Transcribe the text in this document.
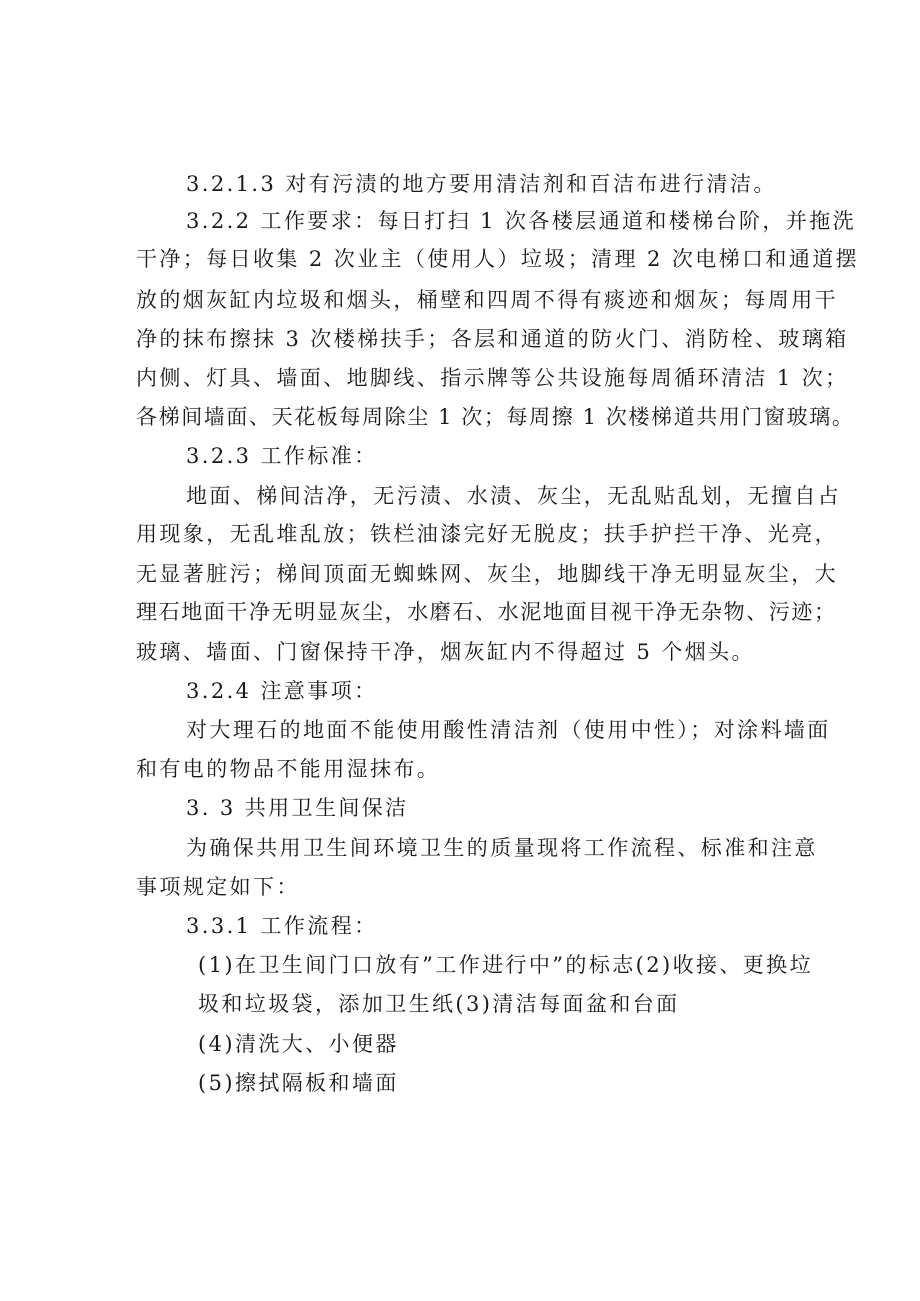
3.2.1.3 对有污渍的地方要用清洁剂和百洁布进行清洁。
3.2.2 工作要求：每日打扫 1 次各楼层通道和楼梯台阶，并拖洗
干净；每日收集 2 次业主（使用人）垃圾；清理 2 次电梯口和通道摆
放的烟灰缸内垃圾和烟头，桶壁和四周不得有痰迹和烟灰；每周用干
净的抹布擦抹 3 次楼梯扶手；各层和通道的防火门、消防栓、玻璃箱
内侧、灯具、墙面、地脚线、指示牌等公共设施每周循环清洁 1 次；
各梯间墙面、天花板每周除尘 1 次；每周擦 1 次楼梯道共用门窗玻璃。
3.2.3 工作标准：
地面、梯间洁净，无污渍、水渍、灰尘，无乱贴乱划，无擅自占
用现象，无乱堆乱放；铁栏油漆完好无脱皮；扶手护拦干净、光亮，
无显著脏污；梯间顶面无蜘蛛网、灰尘，地脚线干净无明显灰尘，大
理石地面干净无明显灰尘，水磨石、水泥地面目视干净无杂物、污迹；
玻璃、墙面、门窗保持干净，烟灰缸内不得超过 5 个烟头。
3.2.4 注意事项：
对大理石的地面不能使用酸性清洁剂（使用中性）；对涂料墙面
和有电的物品不能用湿抹布。
3. 3 共用卫生间保洁
为确保共用卫生间环境卫生的质量现将工作流程、标准和注意
事项规定如下：
3.3.1 工作流程：
(1)在卫生间门口放有”工作进行中”的标志(2)收接、更换垃
圾和垃圾袋，添加卫生纸(3)清洁每面盆和台面
(4)清洗大、小便器
(5)擦拭隔板和墙面
